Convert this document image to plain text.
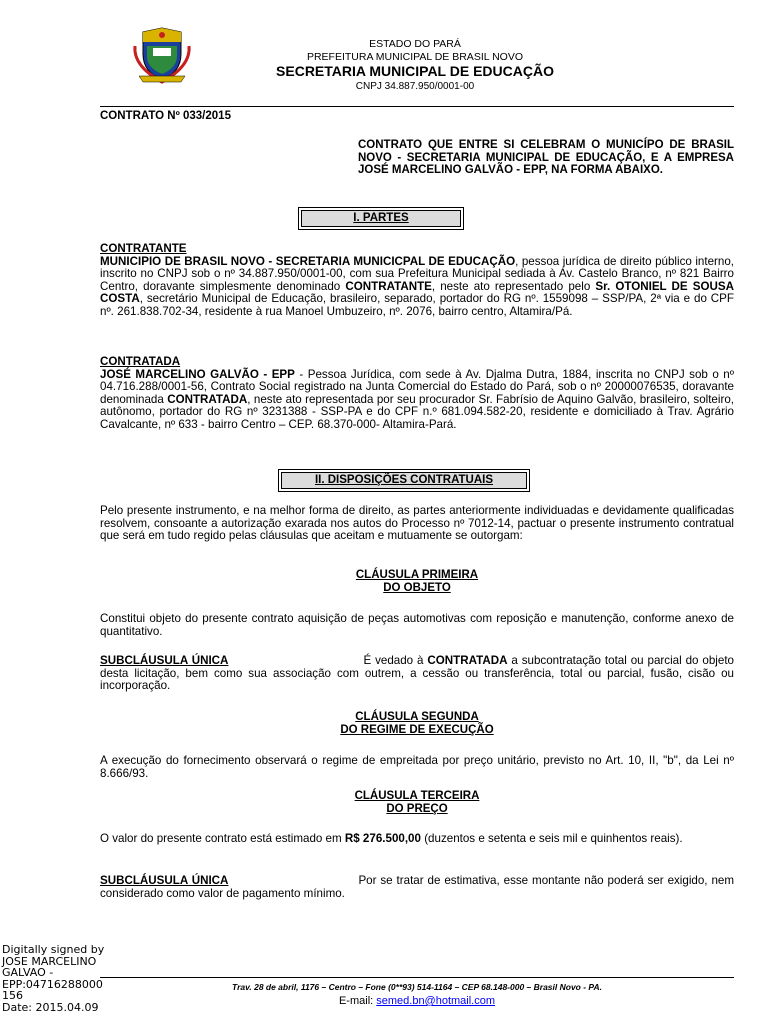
ESTADO DO PARÁ
PREFEITURA MUNICIPAL DE BRASIL NOVO
SECRETARIA MUNICIPAL DE EDUCAÇÃO
CNPJ 34.887.950/0001-00
CONTRATO Nº 033/2015
CONTRATO QUE ENTRE SI CELEBRAM O MUNICÍPO DE BRASIL NOVO - SECRETARIA MUNICIPAL DE EDUCAÇÃO, E A EMPRESA JOSÉ MARCELINO GALVÃO - EPP, NA FORMA ABAIXO.
I. PARTES
CONTRATANTE
MUNICIPIO DE BRASIL NOVO - SECRETARIA MUNICICPAL DE EDUCAÇÃO, pessoa jurídica de direito público interno, inscrito no CNPJ sob o nº 34.887.950/0001-00, com sua Prefeitura Municipal sediada à Av. Castelo Branco, nº 821 Bairro Centro, doravante simplesmente denominado CONTRATANTE, neste ato representado pelo Sr. OTONIEL DE SOUSA COSTA, secretário Municipal de Educação, brasileiro, separado, portador do RG nº. 1559098 – SSP/PA, 2ª via e do CPF nº. 261.838.702-34, residente à rua Manoel Umbuzeiro, nº. 2076, bairro centro, Altamira/Pá.
CONTRATADA
JOSÉ MARCELINO GALVÃO - EPP - Pessoa Jurídica, com sede à Av. Djalma Dutra, 1884, inscrita no CNPJ sob o nº 04.716.288/0001-56, Contrato Social registrado na Junta Comercial do Estado do Pará, sob o nº 20000076535, doravante denominada CONTRATADA, neste ato representada por seu procurador Sr. Fabrísio de Aquino Galvão, brasileiro, solteiro, autônomo, portador do RG nº 3231388 - SSP-PA e do CPF n.º 681.094.582-20, residente e domiciliado à Trav. Agrário Cavalcante, nº 633 - bairro Centro – CEP. 68.370-000- Altamira-Pará.
II. DISPOSIÇÕES CONTRATUAIS
Pelo presente instrumento, e na melhor forma de direito, as partes anteriormente individuadas e devidamente qualificadas resolvem, consoante a autorização exarada nos autos do Processo nº 7012-14, pactuar o presente instrumento contratual que será em tudo regido pelas cláusulas que aceitam e mutuamente se outorgam:
CLÁUSULA PRIMEIRA
DO OBJETO
Constitui objeto do presente contrato aquisição de peças automotivas com reposição e manutenção, conforme anexo de quantitativo.
SUBCLÁUSULA ÚNICA	É vedado à CONTRATADA a subcontratação total ou parcial do objeto desta licitação, bem como sua associação com outrem, a cessão ou transferência, total ou parcial, fusão, cisão ou incorporação.
CLÁUSULA SEGUNDA
DO REGIME DE EXECUÇÃO
A execução do fornecimento observará o regime de empreitada por preço unitário, previsto no Art. 10, II, "b", da Lei nº 8.666/93.
CLÁUSULA TERCEIRA
DO PREÇO
O valor do presente contrato está estimado em R$ 276.500,00 (duzentos e setenta e seis mil e quinhentos reais).
SUBCLÁUSULA ÚNICA	Por se tratar de estimativa, esse montante não poderá ser exigido, nem considerado como valor de pagamento mínimo.
Digitally signed by
JOSE MARCELINO
GALVAO -
EPP:04716288000
156
Date: 2015.04.09
Trav. 28 de abril, 1176 – Centro – Fone (0**93) 514-1164 – CEP 68.148-000 – Brasil Novo - PA.
E-mail: semed.bn@hotmail.com
